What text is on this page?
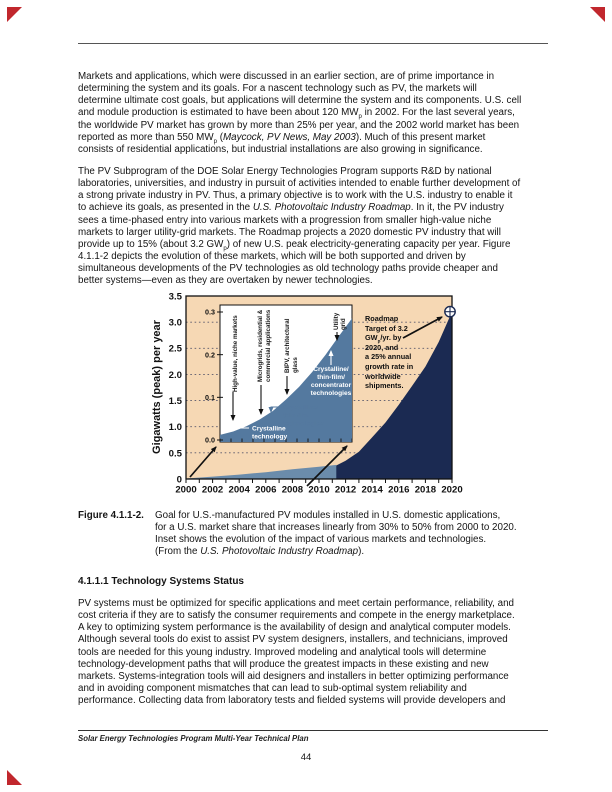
Markets and applications, which were discussed in an earlier section, are of prime importance in
determining the system and its goals. For a nascent technology such as PV, the markets will
determine ultimate cost goals, but applications will determine the system and its components. U.S. cell
and module production is estimated to have been about 120 $MW_p$ in 2002. For the last several years,
the worldwide PV market has grown by more than 25% per year, and the 2002 world market has been
reported as more than 550 $MW_p$ (Maycock, PV News, May 2003). Much of this present market
consists of residential applications, but industrial installations are also growing in significance.
The PV Subprogram of the DOE Solar Energy Technologies Program supports R&D by national
laboratories, universities, and industry in pursuit of activities intended to enable further development of
a strong private industry in PV. Thus, a primary objective is to work with the U.S. industry to enable it
to achieve its goals, as presented in the U.S. Photovoltaic Industry Roadmap. In it, the PV industry
sees a time-phased entry into various markets with a progression from smaller high-value niche
markets to larger utility-grid markets. The Roadmap projects a 2020 domestic PV industry that will
provide up to 15% (about 3.2 $GW_p$) of new U.S. peak electricity-generating capacity per year. Figure
4.1.1-2 depicts the evolution of these markets, which will be both supported and driven by
simultaneous developments of the PV technologies as old technology paths provide cheaper and
better systems—even as they are overtaken by newer technologies.
0.0
0.1
0.2
0.3
High-value, niche markets	Microgrids, residential & commercial applications BIPV, architectural glass
Utility grid
Crystalline
technology
Crystalline/
thin-film
technologies
Crystalline/
thin-film/
concentrator
technologies
2000 2002 2004 2006 2008 2010 2012 2014 2016 2018 2020
0
0.5
1.0
1.5
2.0
2.5
3.0
3.5
Gigawatts (peak) per year
Roadmap
Target of 3.2
$GW_p/yr$. by
2020, and
a 25% annual
growth rate in
worldwide
shipments.
Figure 4.1.1-2. Goal for U.S.-manufactured PV modules installed in U.S. domestic applications,
for a U.S. market share that increases linearly from 30% to 50% from 2000 to 2020.
Inset shows the evolution of the impact of various markets and technologies.
(From the U.S. Photovoltaic Industry Roadmap).
4.1.1.1 Technology Systems Status
PV systems must be optimized for specific applications and meet certain performance, reliability, and
cost criteria if they are to satisfy the consumer requirements and compete in the energy marketplace.
A key to optimizing system performance is the availability of design and analytical computer models.
Although several tools do exist to assist PV system designers, installers, and technicians, improved
tools are needed for this young industry. Improved modeling and analytical tools will determine
technology-development paths that will produce the greatest impacts in these existing and new
markets. Systems-integration tools will aid designers and installers in better optimizing performance
and in avoiding component mismatches that can lead to sub-optimal system reliability and
performance. Collecting data from laboratory tests and fielded systems will provide developers and
Solar Energy Technologies Program Multi-Year Technical Plan
44
